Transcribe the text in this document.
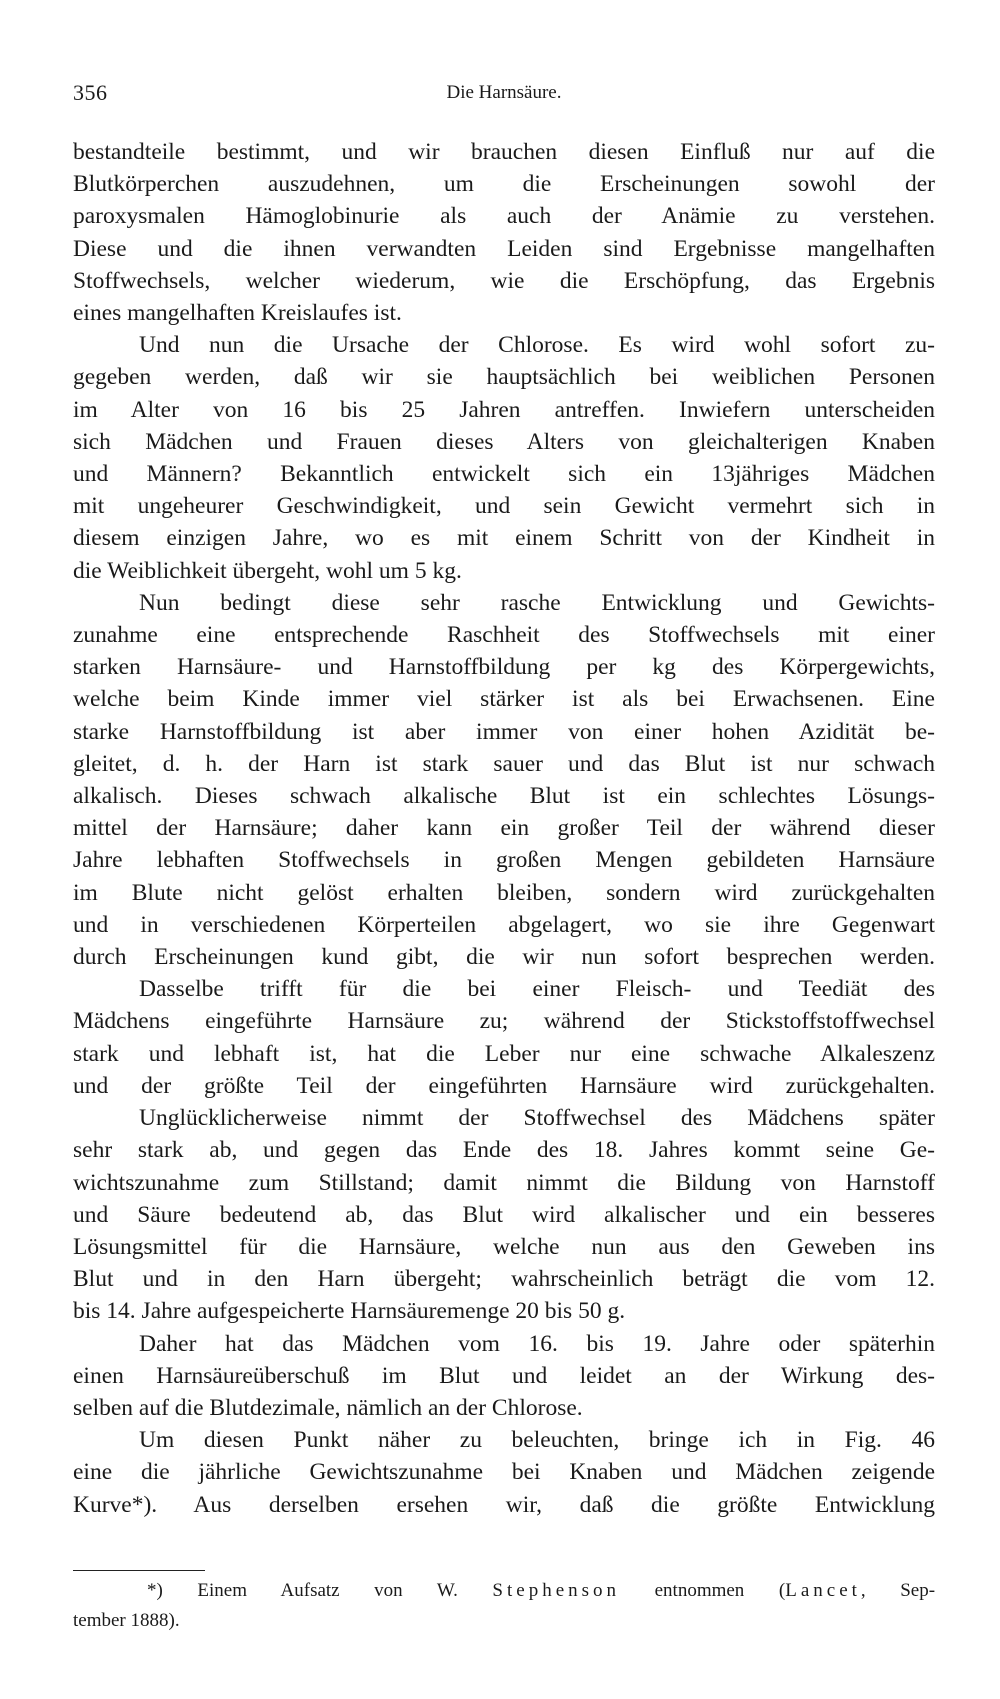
356	Die Harnsäure.

bestandteile bestimmt, und wir brauchen diesen Einfluß nur auf die
Blutkörperchen auszudehnen, um die Erscheinungen sowohl der
paroxysmalen Hämoglobinurie als auch der Anämie zu verstehen.
Diese und die ihnen verwandten Leiden sind Ergebnisse mangelhaften
Stoffwechsels, welcher wiederum, wie die Erschöpfung, das Ergebnis
eines mangelhaften Kreislaufes ist.

Und nun die Ursache der Chlorose. Es wird wohl sofort zu-
gegeben werden, daß wir sie hauptsächlich bei weiblichen Personen
im Alter von 16 bis 25 Jahren antreffen. Inwiefern unterscheiden
sich Mädchen und Frauen dieses Alters von gleichalterigen Knaben
und Männern? Bekanntlich entwickelt sich ein 13jähriges Mädchen
mit ungeheurer Geschwindigkeit, und sein Gewicht vermehrt sich in
diesem einzigen Jahre, wo es mit einem Schritt von der Kindheit in
die Weiblichkeit übergeht, wohl um 5 kg.

Nun bedingt diese sehr rasche Entwicklung und Gewichts-
zunahme eine entsprechende Raschheit des Stoffwechsels mit einer
starken Harnsäure- und Harnstoffbildung per kg des Körpergewichts,
welche beim Kinde immer viel stärker ist als bei Erwachsenen. Eine
starke Harnstoffbildung ist aber immer von einer hohen Azidität be-
gleitet, d. h. der Harn ist stark sauer und das Blut ist nur schwach
alkalisch. Dieses schwach alkalische Blut ist ein schlechtes Lösungs-
mittel der Harnsäure; daher kann ein großer Teil der während dieser
Jahre lebhaften Stoffwechsels in großen Mengen gebildeten Harnsäure
im Blute nicht gelöst erhalten bleiben, sondern wird zurückgehalten
und in verschiedenen Körperteilen abgelagert, wo sie ihre Gegenwart
durch Erscheinungen kund gibt, die wir nun sofort besprechen werden.

Dasselbe trifft für die bei einer Fleisch- und Teediät des
Mädchens eingeführte Harnsäure zu; während der Stickstoffstoffwechsel
stark und lebhaft ist, hat die Leber nur eine schwache Alkaleszenz
und der größte Teil der eingeführten Harnsäure wird zurückgehalten.

Unglücklicherweise nimmt der Stoffwechsel des Mädchens später
sehr stark ab, und gegen das Ende des 18. Jahres kommt seine Ge-
wichtszunahme zum Stillstand; damit nimmt die Bildung von Harnstoff
und Säure bedeutend ab, das Blut wird alkalischer und ein besseres
Lösungsmittel für die Harnsäure, welche nun aus den Geweben ins
Blut und in den Harn übergeht; wahrscheinlich beträgt die vom 12.
bis 14. Jahre aufgespeicherte Harnsäuremenge 20 bis 50 g.

Daher hat das Mädchen vom 16. bis 19. Jahre oder späterhin
einen Harnsäureüberschuß im Blut und leidet an der Wirkung des-
selben auf die Blutdezimale, nämlich an der Chlorose.

Um diesen Punkt näher zu beleuchten, bringe ich in Fig. 46
eine die jährliche Gewichtszunahme bei Knaben und Mädchen zeigende
Kurve*). Aus derselben ersehen wir, daß die größte Entwicklung

*) Einem Aufsatz von W. Stephenson entnommen (Lancet, Sep-
tember 1888).
